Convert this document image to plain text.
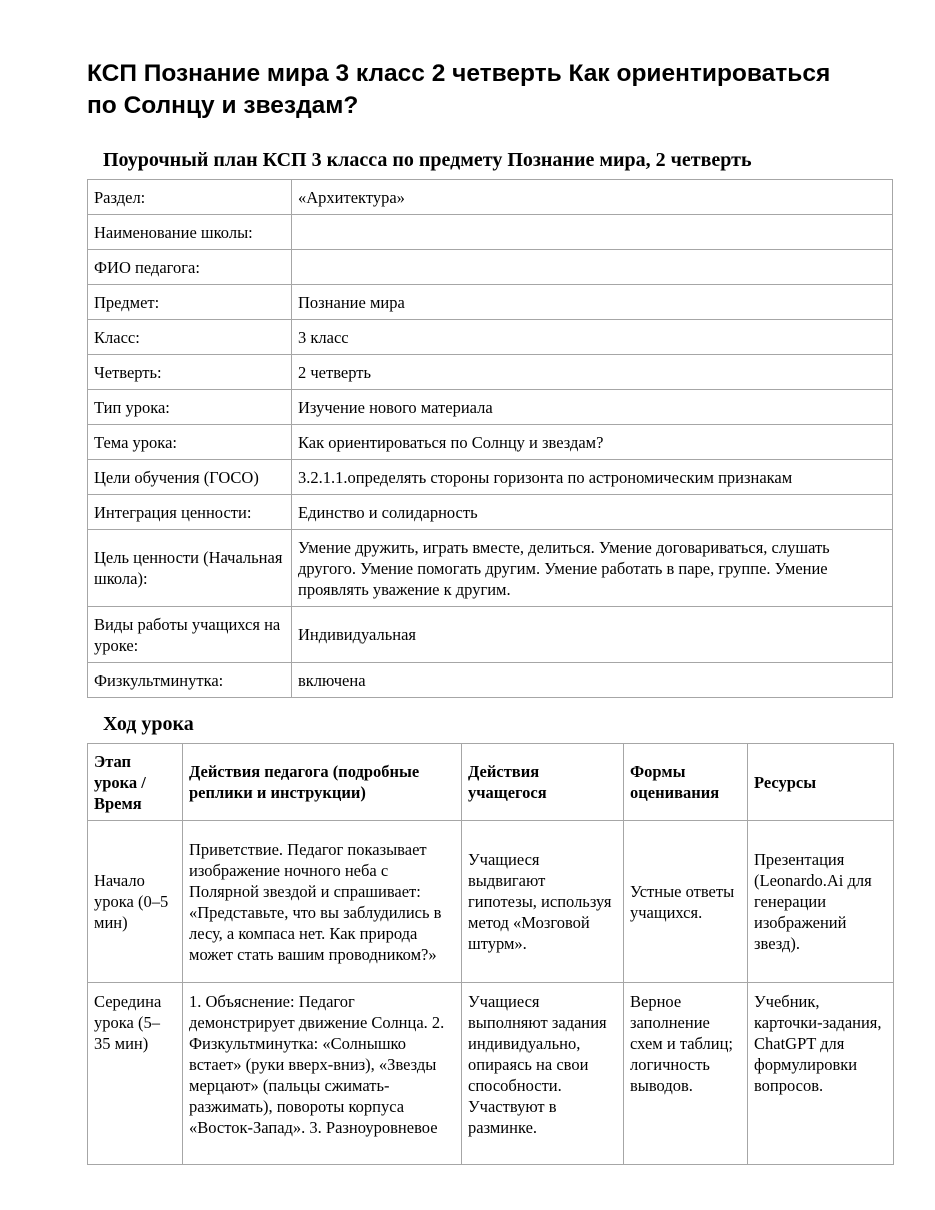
КСП Познание мира 3 класс 2 четверть Как ориентироваться по Солнцу и звездам?
Поурочный план КСП 3 класса по предмету Познание мира, 2 четверть
Раздел:	«Архитектура»
Наименование школы:	
ФИО педагога:	
Предмет:	Познание мира
Класс:	3 класс
Четверть:	2 четверть
Тип урока:	Изучение нового материала
Тема урока:	Как ориентироваться по Солнцу и звездам?
Цели обучения (ГОСО)	3.2.1.1.определять стороны горизонта по астрономическим признакам
Интеграция ценности:	Единство и солидарность
Цель ценности (Начальная школа):	Умение дружить, играть вместе, делиться. Умение договариваться, слушать другого. Умение помогать другим. Умение работать в паре, группе. Умение проявлять уважение к другим.
Виды работы учащихся на уроке:	Индивидуальная
Физкультминутка:	включена
Ход урока
Этап урока / Время	Действия педагога (подробные реплики и инструкции)	Действия учащегося	Формы оценивания	Ресурсы
Начало урока (0–5 мин)	Приветствие. Педагог показывает изображение ночного неба с Полярной звездой и спрашивает: «Представьте, что вы заблудились в лесу, а компаса нет. Как природа может стать вашим проводником?»	Учащиеся выдвигают гипотезы, используя метод «Мозговой штурм».	Устные ответы учащихся.	Презентация (Leonardo.Ai для генерации изображений звезд).
Середина урока (5–35 мин)	1. Объяснение: Педагог демонстрирует движение Солнца. 2. Физкультминутка: «Солнышко встает» (руки вверх-вниз), «Звезды мерцают» (пальцы сжимать-разжимать), повороты корпуса «Восток-Запад». 3. Разноуровневое	Учащиеся выполняют задания индивидуально, опираясь на свои способности. Участвуют в разминке.	Верное заполнение схем и таблиц; логичность выводов.	Учебник, карточки-задания, ChatGPT для формулировки вопросов.
